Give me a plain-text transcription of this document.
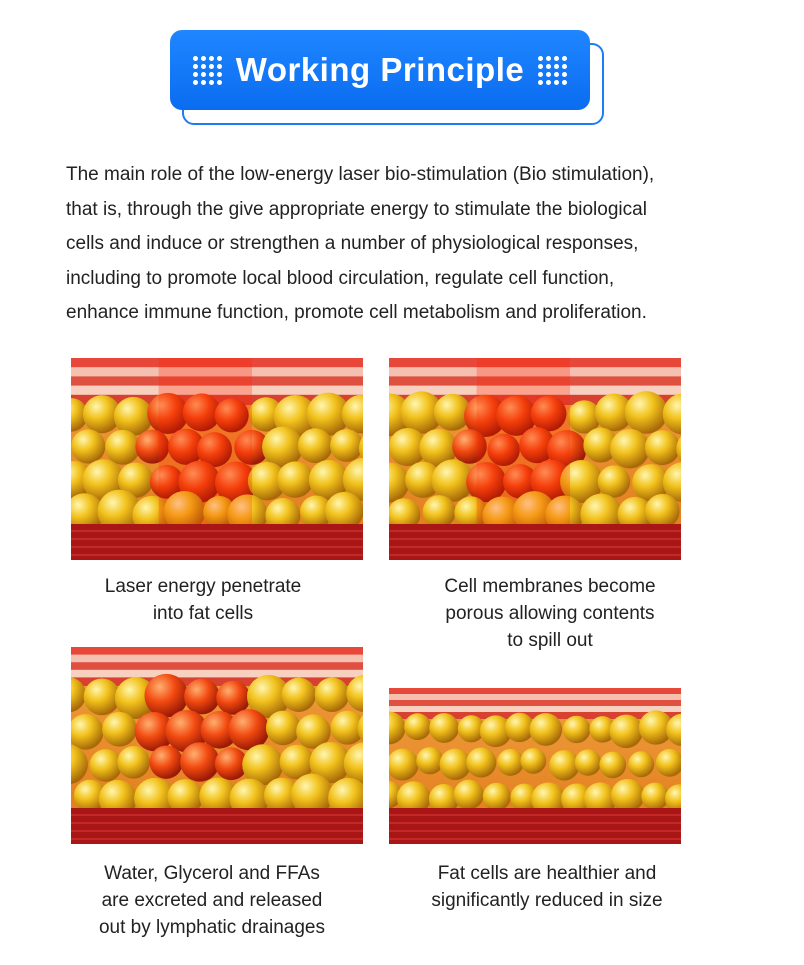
Working Principle

The main role of the low-energy laser bio-stimulation (Bio stimulation),
that is, through the give appropriate energy to stimulate the biological
cells and induce or strengthen a number of physiological responses,
including to promote local blood circulation, regulate cell function,
enhance immune function, promote cell metabolism and proliferation.

Laser energy penetrate
into fat cells

Cell membranes become
porous allowing contents
to spill out

Water, Glycerol and FFAs
are excreted and released
out by lymphatic drainages

Fat cells are healthier and
significantly reduced in size
